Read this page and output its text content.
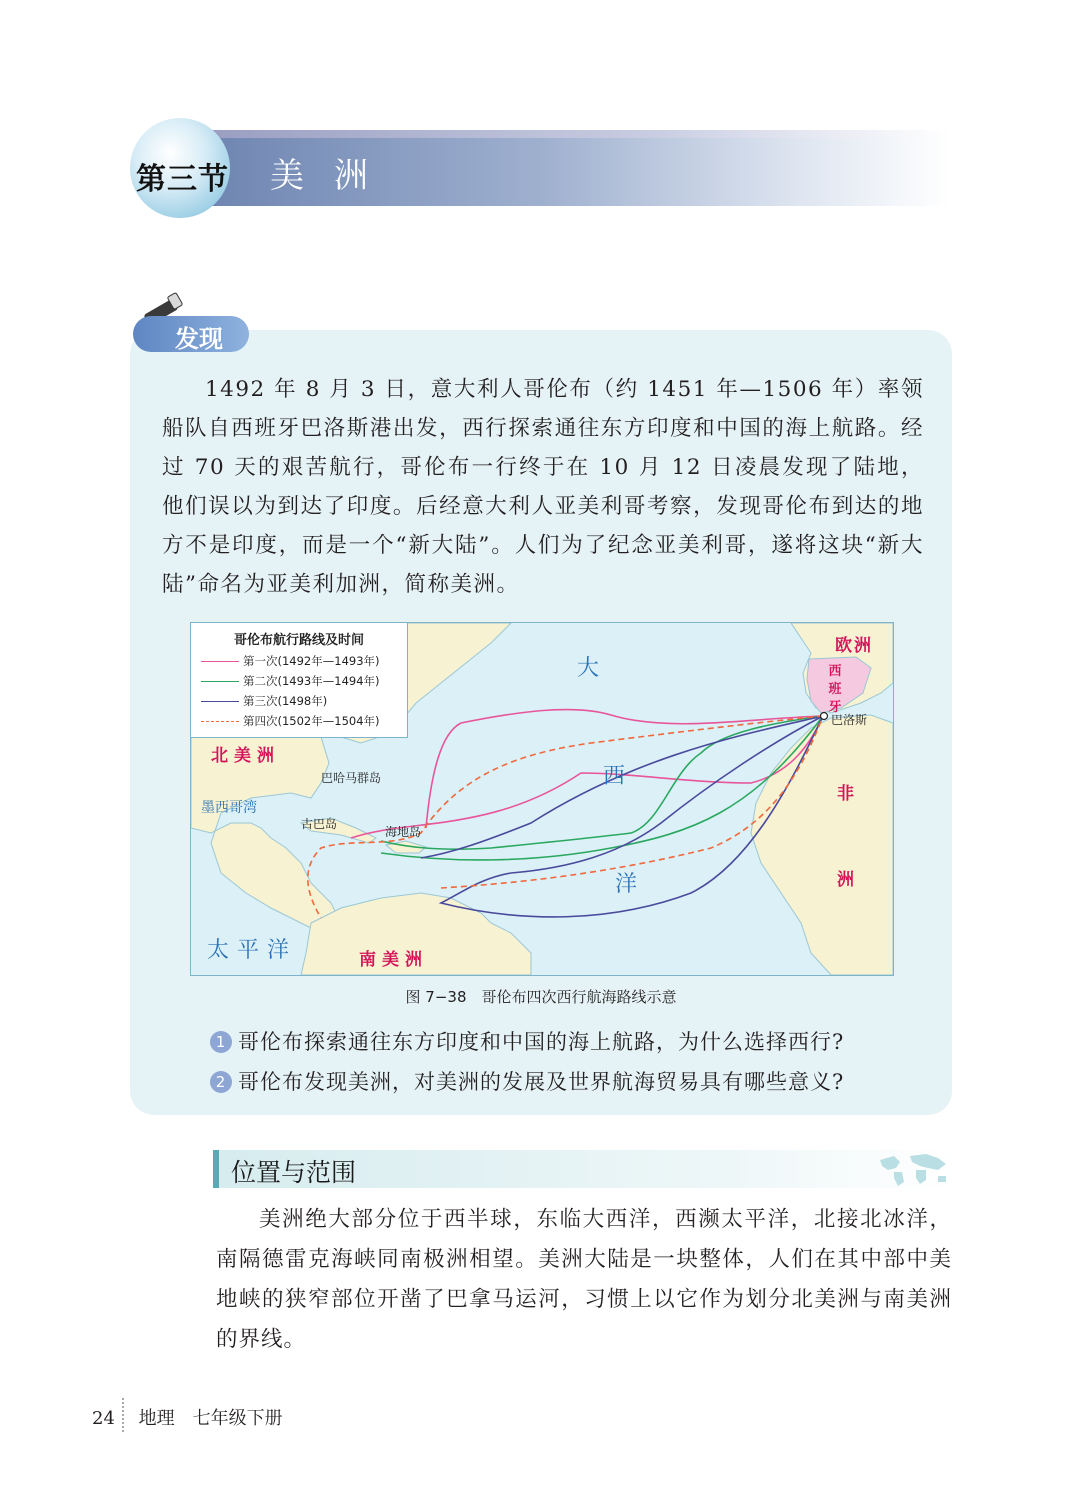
第三节 美洲
发现

1492 年 8 月 3 日，意大利人哥伦布（约 1451 年—1506 年）率领船队自西班牙巴洛斯港出发，西行探索通往东方印度和中国的海上航路。经过 70 天的艰苦航行，哥伦布一行终于在 10 月 12 日凌晨发现了陆地，他们误以为到达了印度。后经意大利人亚美利哥考察，发现哥伦布到达的地方不是印度，而是一个“新大陆”。人们为了纪念亚美利哥，遂将这块“新大陆”命名为亚美利加洲，简称美洲。

哥伦布航行路线及时间
第一次(1492年—1493年)
第二次(1493年—1494年)
第三次(1498年)
第四次(1502年—1504年)
大
西
洋
太平洋
北美洲
南美洲
欧洲
非
洲
西班牙
巴洛斯
巴哈马群岛
墨西哥湾
古巴岛
海地岛
图 7−38　哥伦布四次西行航海路线示意
1 哥伦布探索通往东方印度和中国的海上航路，为什么选择西行?
2 哥伦布发现美洲，对美洲的发展及世界航海贸易具有哪些意义?
位置与范围

美洲绝大部分位于西半球，东临大西洋，西濒太平洋，北接北冰洋，南隔德雷克海峡同南极洲相望。美洲大陆是一块整体，人们在其中部中美地峡的狭窄部位开凿了巴拿马运河，习惯上以它作为划分北美洲与南美洲的界线。

24 地理　七年级下册
